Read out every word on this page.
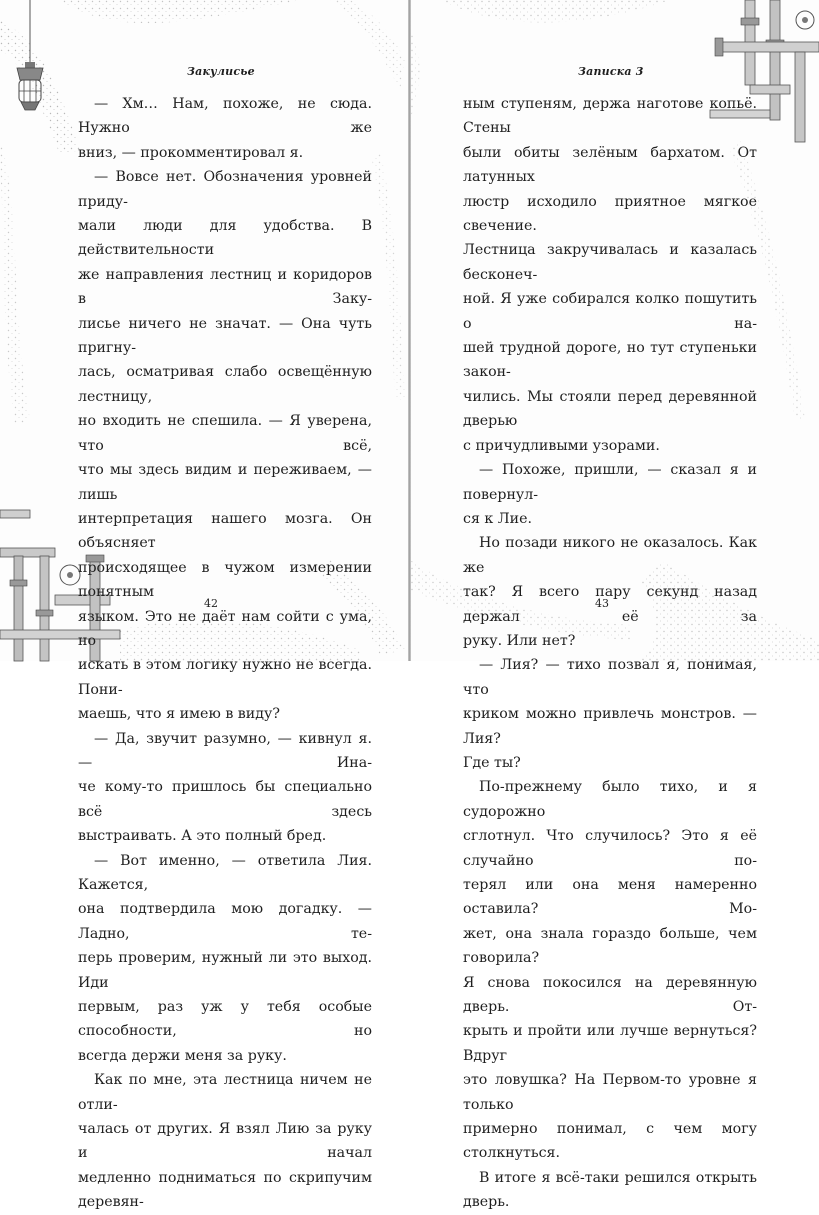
Закулисье
— Хм… Нам, похоже, не сюда. Нужно же
вниз, — прокомментировал я.
— Вовсе нет. Обозначения уровней приду-
мали люди для удобства. В действительности
же направления лестниц и коридоров в Заку-
лисье ничего не значат. — Она чуть пригну-
лась, осматривая слабо освещённую лестницу,
но входить не спешила. — Я уверена, что всё,
что мы здесь видим и переживаем, — лишь
интерпретация нашего мозга. Он объясняет
происходящее в чужом измерении понятным
языком. Это не даёт нам сойти с ума, но
искать в этом логику нужно не всегда. Пони-
маешь, что я имею в виду?
— Да, звучит разумно, — кивнул я. — Ина-
че кому-то пришлось бы специально всё здесь
выстраивать. А это полный бред.
— Вот именно, — ответила Лия. Кажется,
она подтвердила мою догадку. — Ладно, те-
перь проверим, нужный ли это выход. Иди
первым, раз уж у тебя особые способности, но
всегда держи меня за руку.
Как по мне, эта лестница ничем не отли-
чалась от других. Я взял Лию за руку и начал
медленно подниматься по скрипучим деревян-
42
Записка 3
ным ступеням, держа наготове копьё. Стены
были обиты зелёным бархатом. От латунных
люстр исходило приятное мягкое свечение.
Лестница закручивалась и казалась бесконеч-
ной. Я уже собирался колко пошутить о на-
шей трудной дороге, но тут ступеньки закон-
чились. Мы стояли перед деревянной дверью
с причудливыми узорами.
— Похоже, пришли, — сказал я и повернул-
ся к Лие.
Но позади никого не оказалось. Как же
так? Я всего пару секунд назад держал её за
руку. Или нет?
— Лия? — тихо позвал я, понимая, что
криком можно привлечь монстров. — Лия?
Где ты?
По-прежнему было тихо, и я судорожно
сглотнул. Что случилось? Это я её случайно по-
терял или она меня намеренно оставила? Мо-
жет, она знала гораздо больше, чем говорила?
Я снова покосился на деревянную дверь. От-
крыть и пройти или лучше вернуться? Вдруг
это ловушка? На Первом-то уровне я только
примерно понимал, с чем могу столкнуться.
В итоге я всё-таки решился открыть дверь.
43
